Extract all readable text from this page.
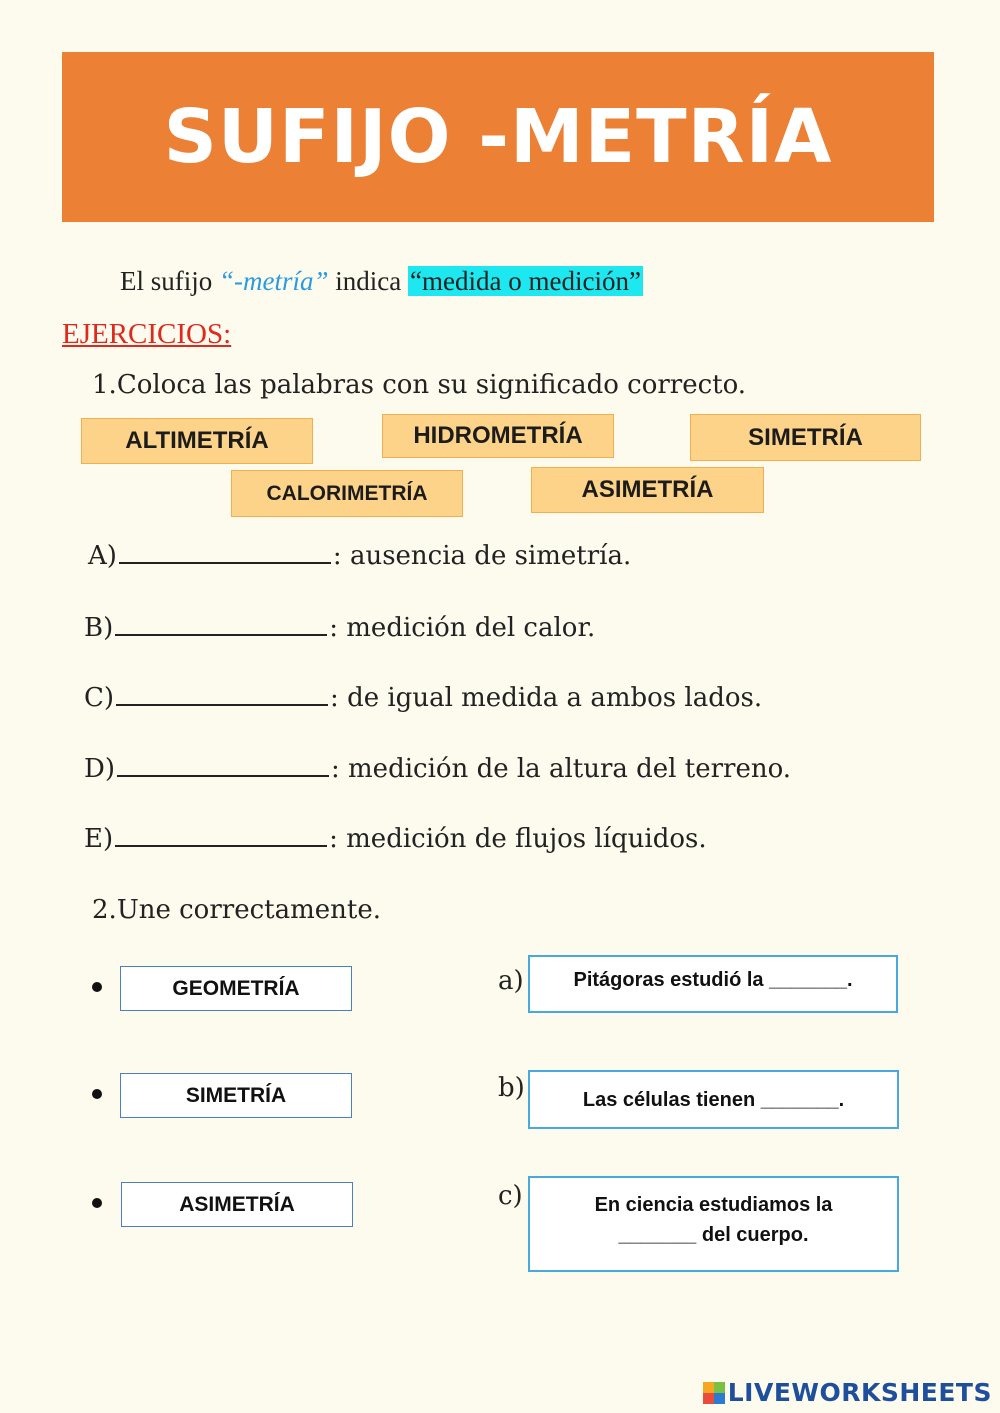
SUFIJO -METRÍA
El sufijo “-metría” indica “medida o medición”
EJERCICIOS:
1.Coloca las palabras con su significado correcto.
ALTIMETRÍA	HIDROMETRÍA	SIMETRÍA
CALORIMETRÍA	ASIMETRÍA
A)	: ausencia de simetría.
B)	: medición del calor.
C)	: de igual medida a ambos lados.
D)	: medición de la altura del terreno.
E)	: medición de flujos líquidos.
2.Une correctamente.
GEOMETRÍA
SIMETRÍA
ASIMETRÍA
a)	Pitágoras estudió la _______.
b)	Las células tienen _______.
c)	En ciencia estudiamos la
_______ del cuerpo.
LIVEWORKSHEETS
